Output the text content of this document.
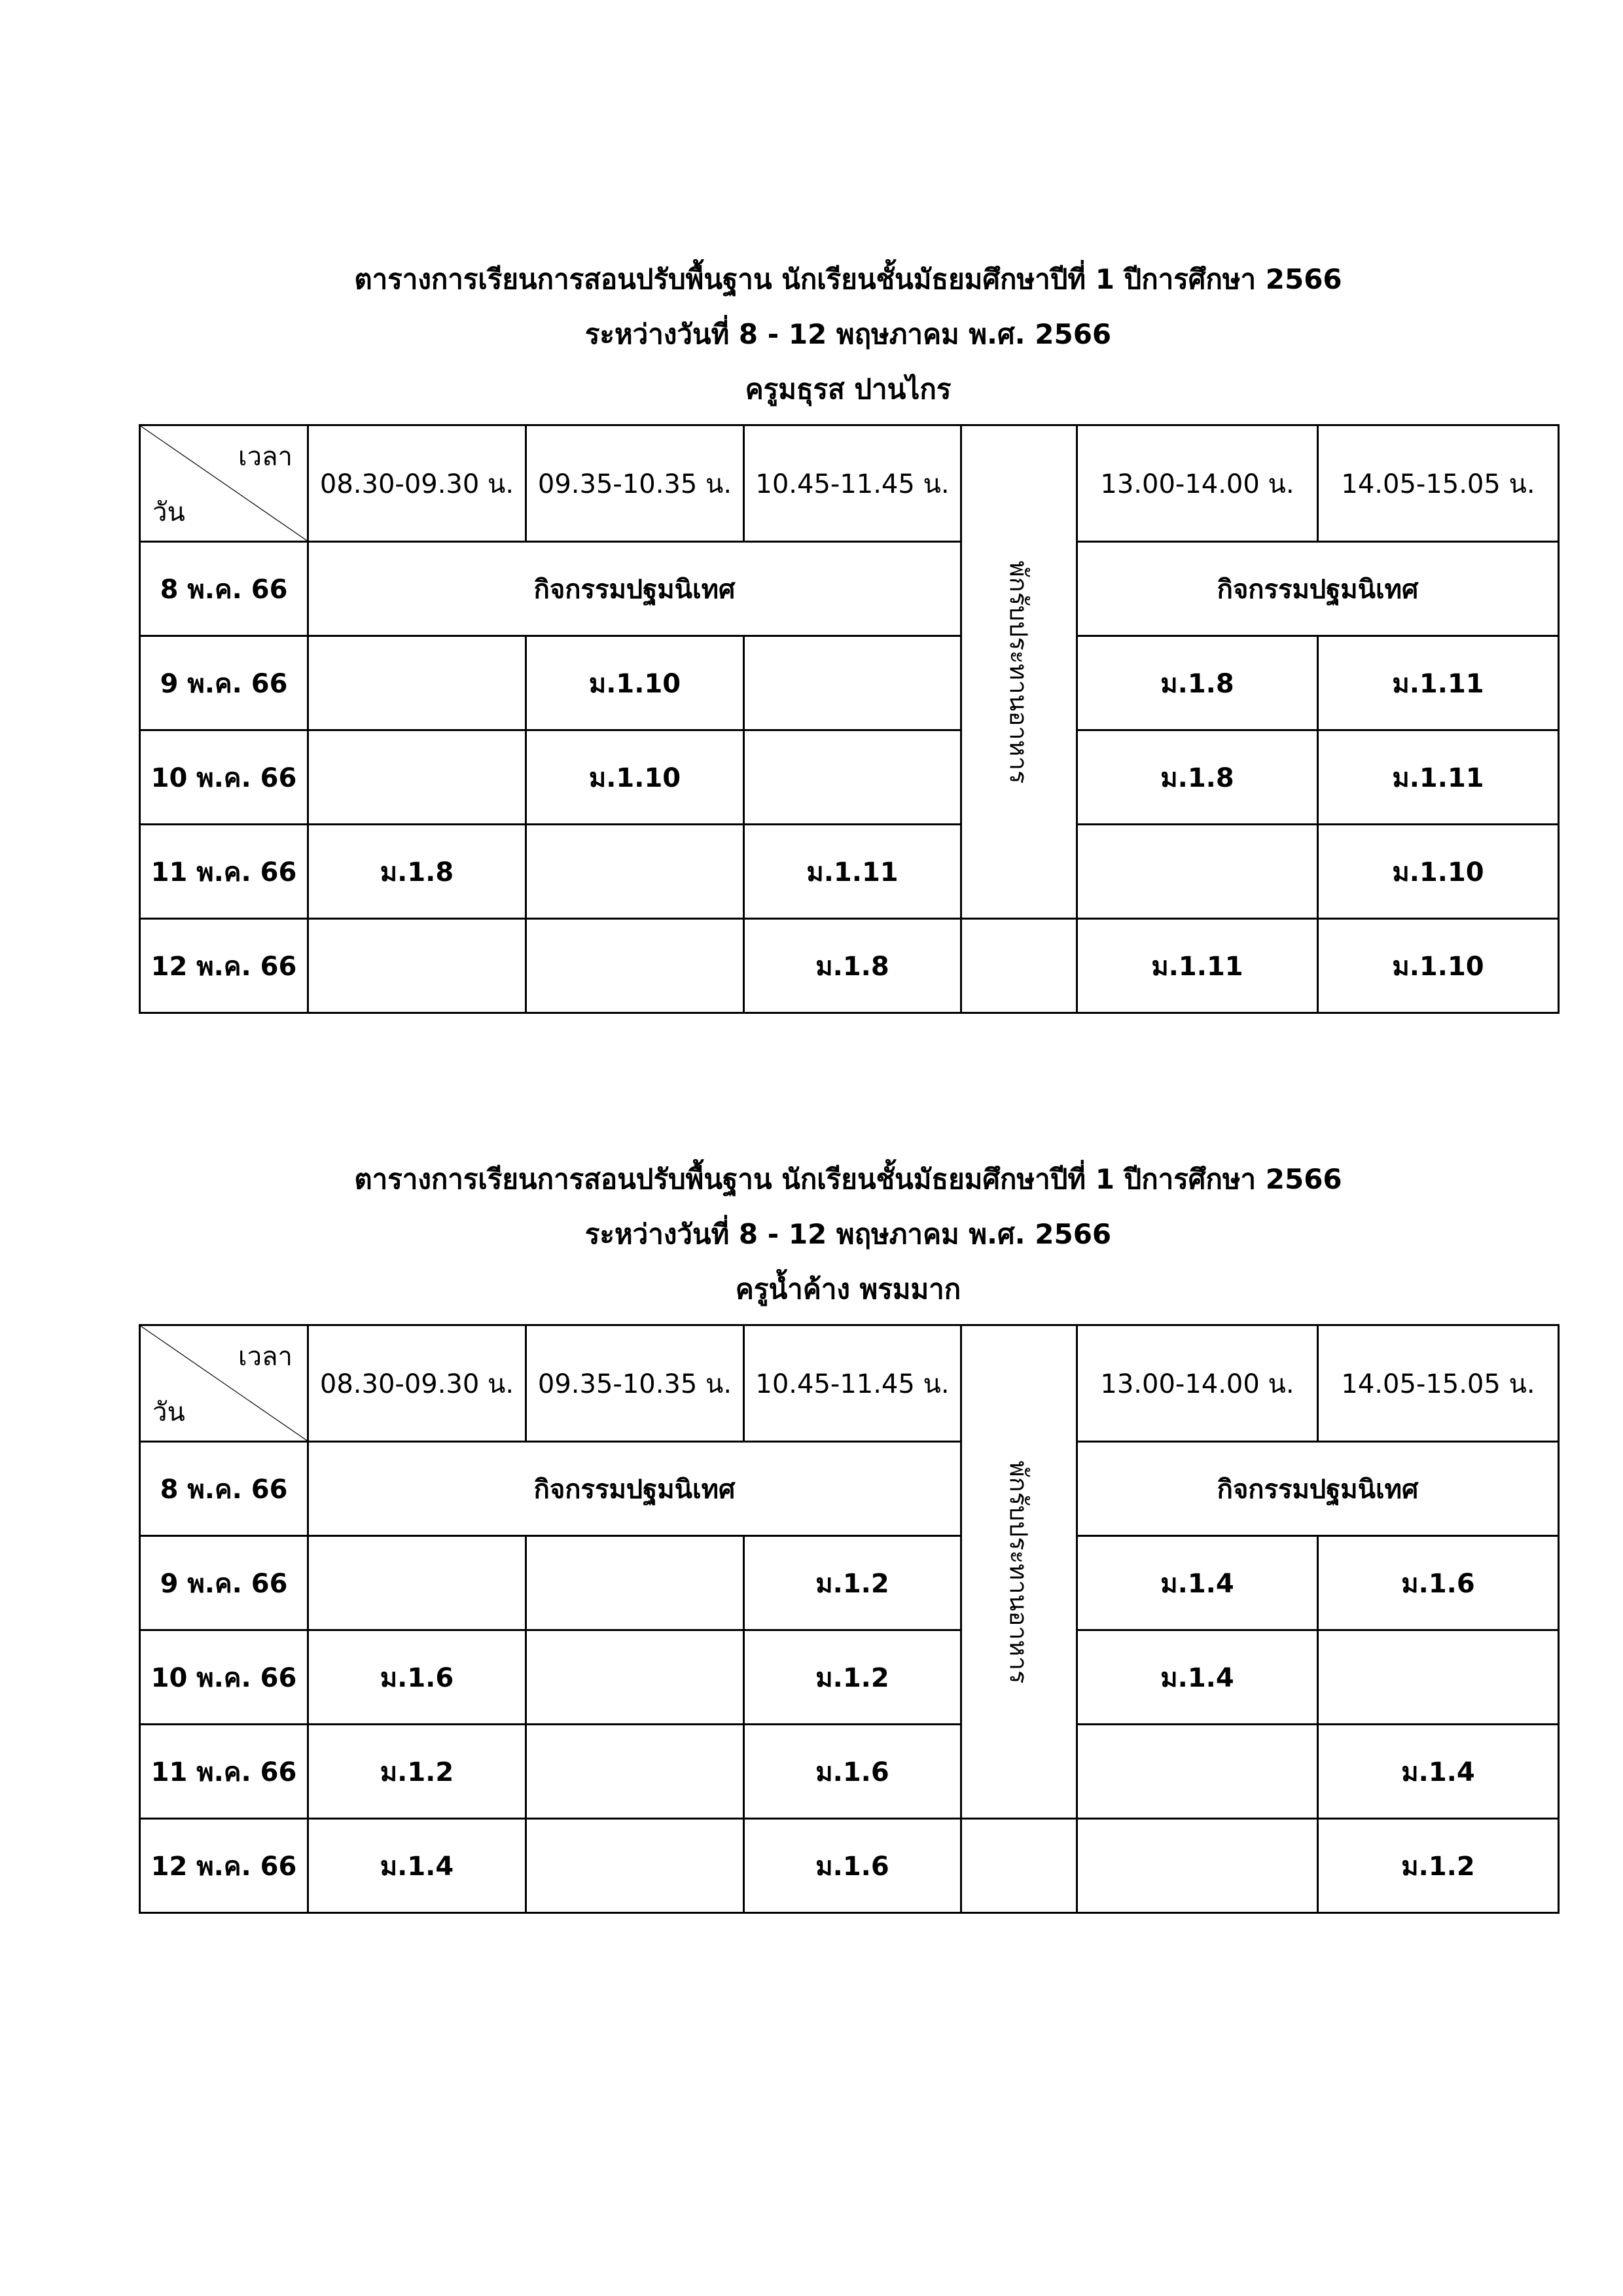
ตารางการเรียนการสอนปรับพื้นฐาน นักเรียนชั้นมัธยมศึกษาปีที่ 1 ปีการศึกษา 2566
ระหว่างวันที่ 8 - 12 พฤษภาคม พ.ศ. 2566
ครูมธุรส ปานไกร
เวลา
วัน	08.30-09.30 น.	09.35-10.35 น.	10.45-11.45 น.	พักรับประทานอาหาร	13.00-14.00 น.	14.05-15.05 น.
8 พ.ค. 66	กิจกรรมปฐมนิเทศ				กิจกรรมปฐมนิเทศ	
9 พ.ค. 66		ม.1.10			ม.1.8	ม.1.11
10 พ.ค. 66		ม.1.10			ม.1.8	ม.1.11
11 พ.ค. 66	ม.1.8		ม.1.11			ม.1.10
12 พ.ค. 66			ม.1.8		ม.1.11	ม.1.10
ตารางการเรียนการสอนปรับพื้นฐาน นักเรียนชั้นมัธยมศึกษาปีที่ 1 ปีการศึกษา 2566
ระหว่างวันที่ 8 - 12 พฤษภาคม พ.ศ. 2566
ครูน้ำค้าง พรมมาก
เวลา
วัน	08.30-09.30 น.	09.35-10.35 น.	10.45-11.45 น.	พักรับประทานอาหาร	13.00-14.00 น.	14.05-15.05 น.
8 พ.ค. 66	กิจกรรมปฐมนิเทศ				กิจกรรมปฐมนิเทศ	
9 พ.ค. 66			ม.1.2		ม.1.4	ม.1.6
10 พ.ค. 66	ม.1.6		ม.1.2		ม.1.4	
11 พ.ค. 66	ม.1.2		ม.1.6			ม.1.4
12 พ.ค. 66	ม.1.4		ม.1.6			ม.1.2
